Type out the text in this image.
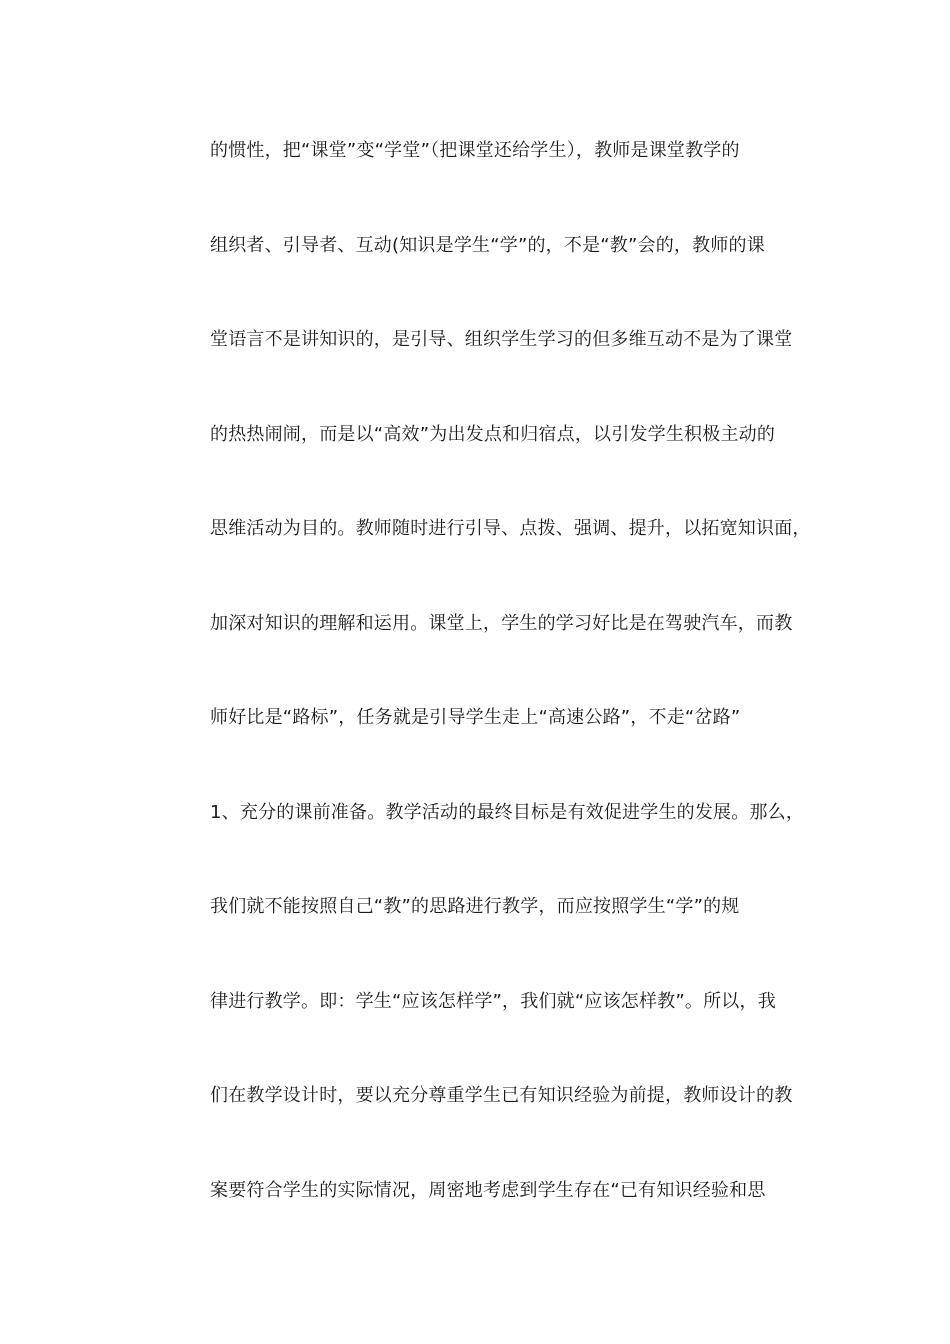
的惯性，把“课堂”变“学堂”（把课堂还给学生），教师是课堂教学的
组织者、引导者、互动(知识是学生“学”的，不是“教”会的，教师的课
堂语言不是讲知识的，是引导、组织学生学习的但多维互动不是为了课堂
的热热闹闹，而是以“高效”为出发点和归宿点，以引发学生积极主动的
思维活动为目的。教师随时进行引导、点拨、强调、提升，以拓宽知识面，
加深对知识的理解和运用。课堂上，学生的学习好比是在驾驶汽车，而教
师好比是“路标”，任务就是引导学生走上“高速公路”，不走“岔路”
1、充分的课前准备。教学活动的最终目标是有效促进学生的发展。那么，
我们就不能按照自己“教”的思路进行教学，而应按照学生“学”的规
律进行教学。即：学生“应该怎样学”，我们就“应该怎样教”。所以，我
们在教学设计时，要以充分尊重学生已有知识经验为前提，教师设计的教
案要符合学生的实际情况，周密地考虑到学生存在“已有知识经验和思
